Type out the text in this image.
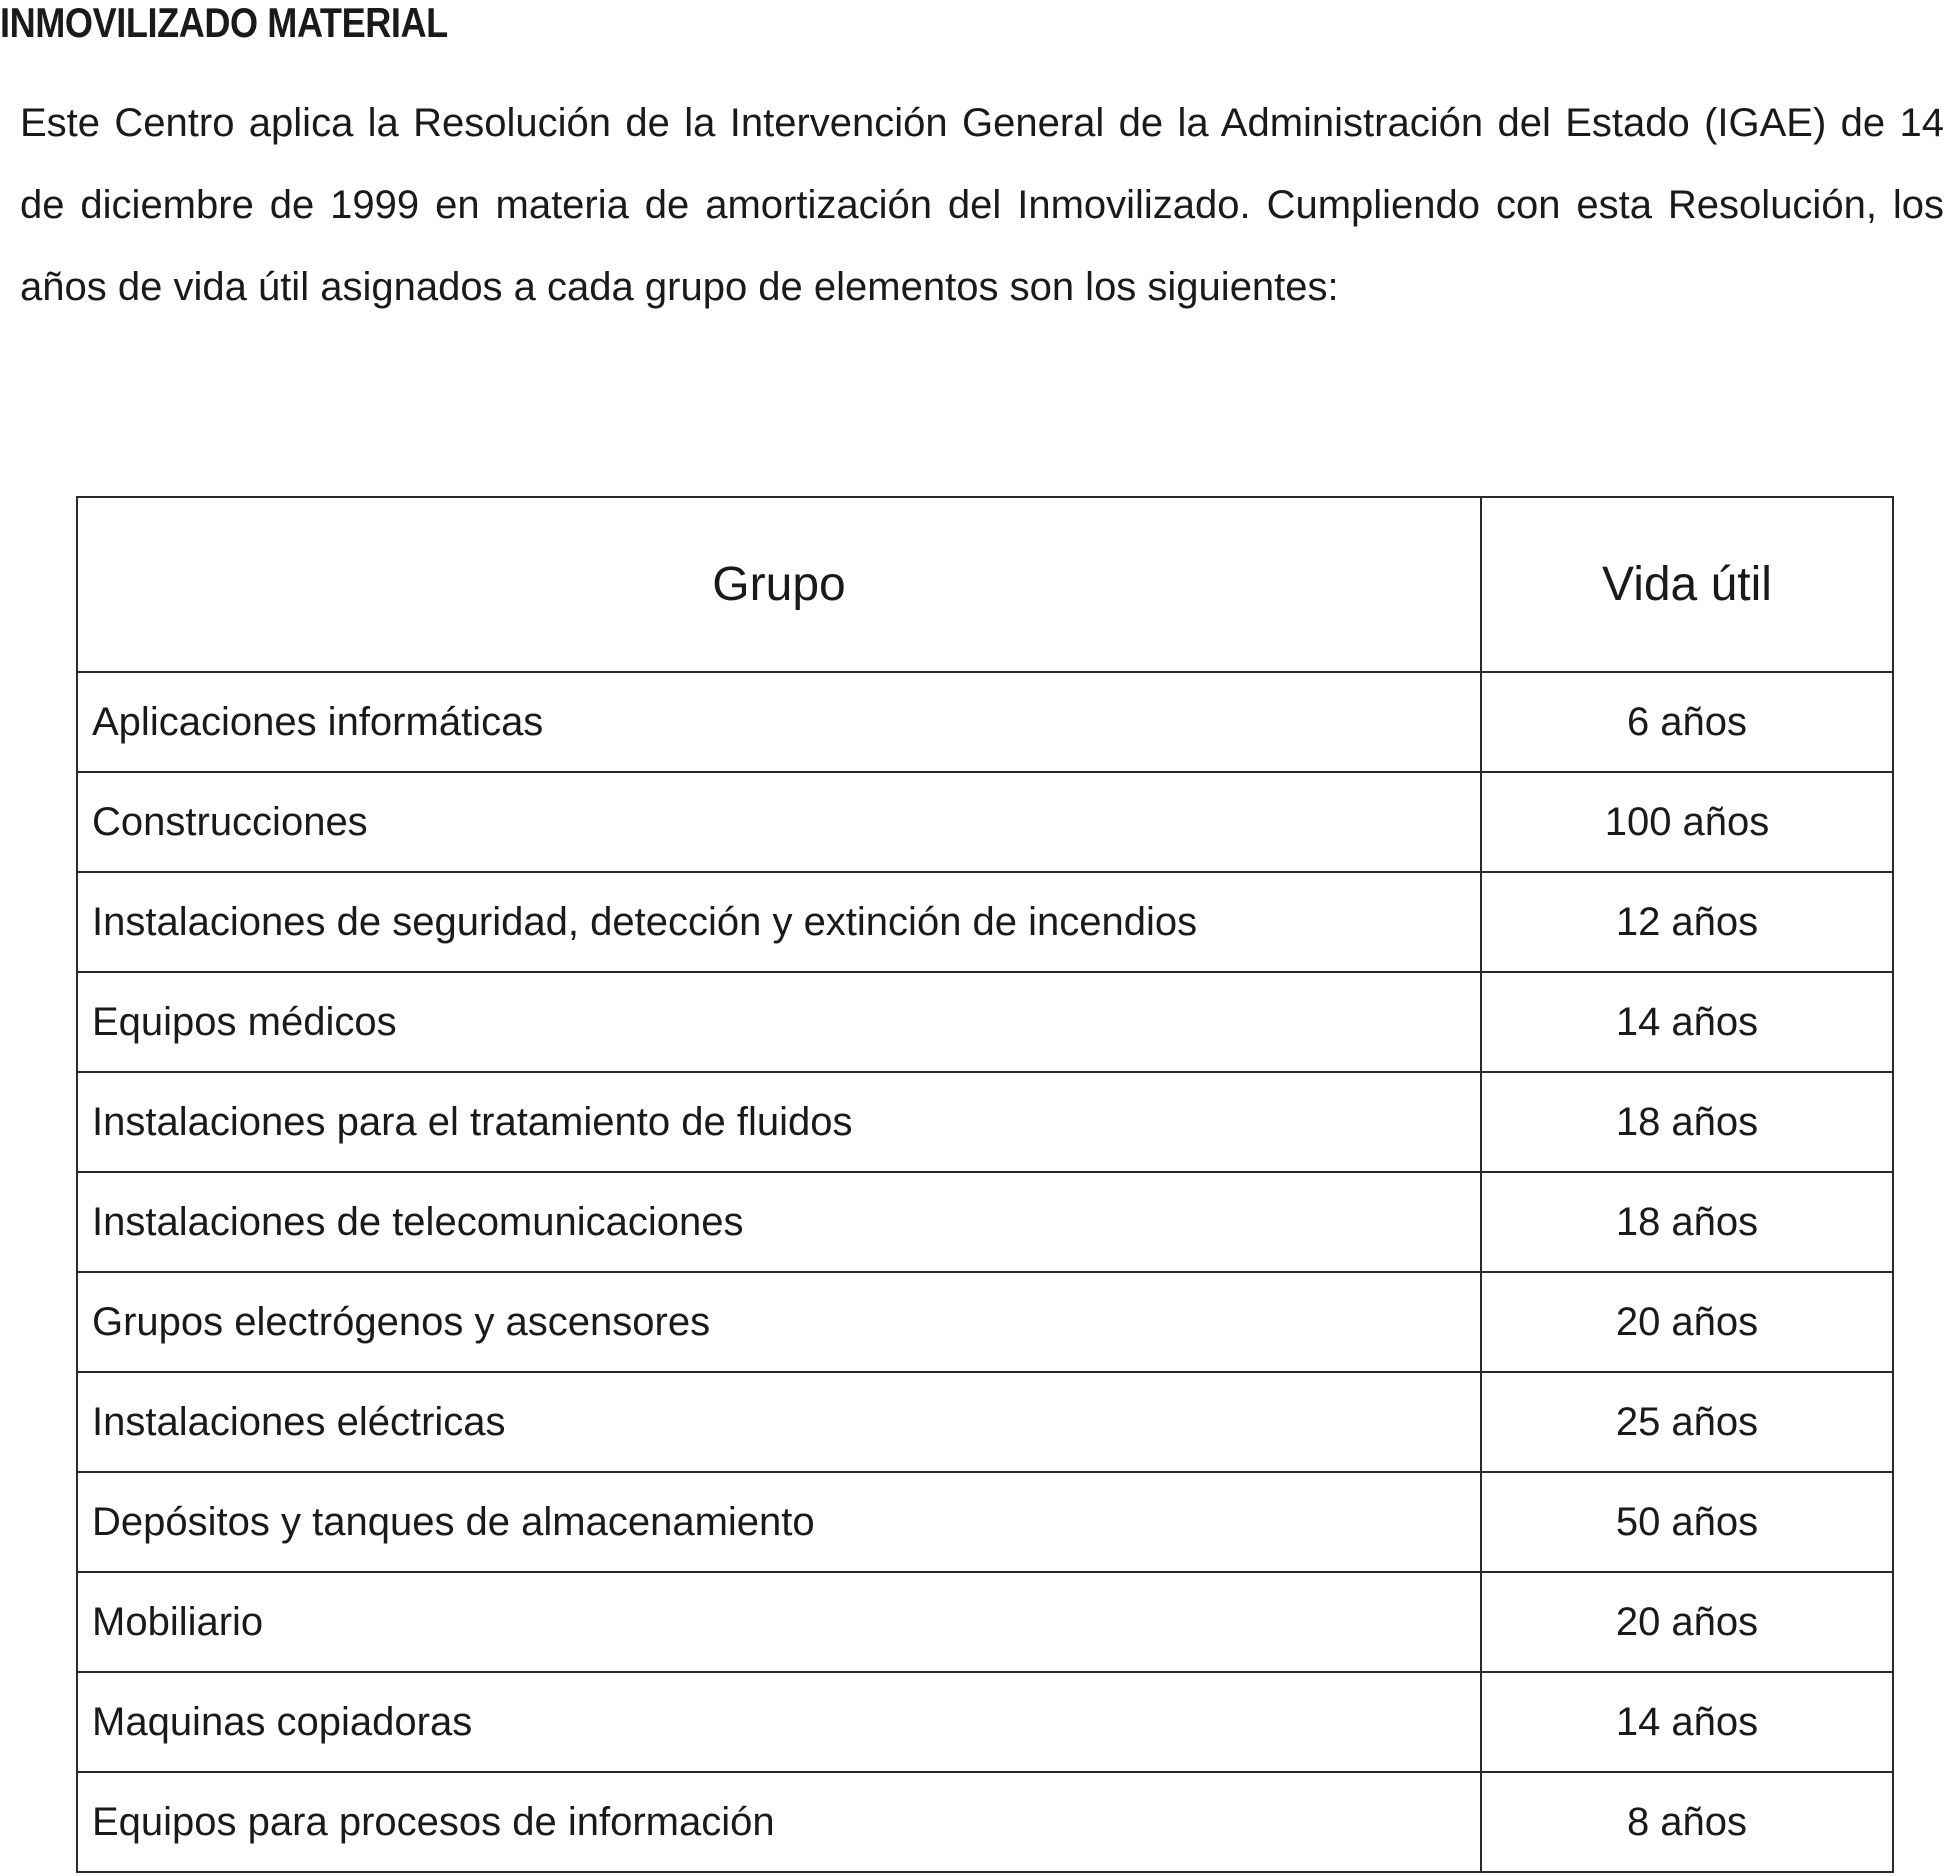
INMOVILIZADO MATERIAL

Este Centro aplica la Resolución de la Intervención General de la Administración del Estado (IGAE) de 14 de diciembre de 1999 en materia de amortización del Inmovilizado. Cumpliendo con esta Resolución, los años de vida útil asignados a cada grupo de elementos son los siguientes:

Grupo	Vida útil
Aplicaciones informáticas	6 años
Construcciones	100 años
Instalaciones de seguridad, detección y extinción de incendios	12 años
Equipos médicos	14 años
Instalaciones para el tratamiento de fluidos	18 años
Instalaciones de telecomunicaciones	18 años
Grupos electrógenos y ascensores	20 años
Instalaciones eléctricas	25 años
Depósitos y tanques de almacenamiento	50 años
Mobiliario	20 años
Maquinas copiadoras	14 años
Equipos para procesos de información	8 años
